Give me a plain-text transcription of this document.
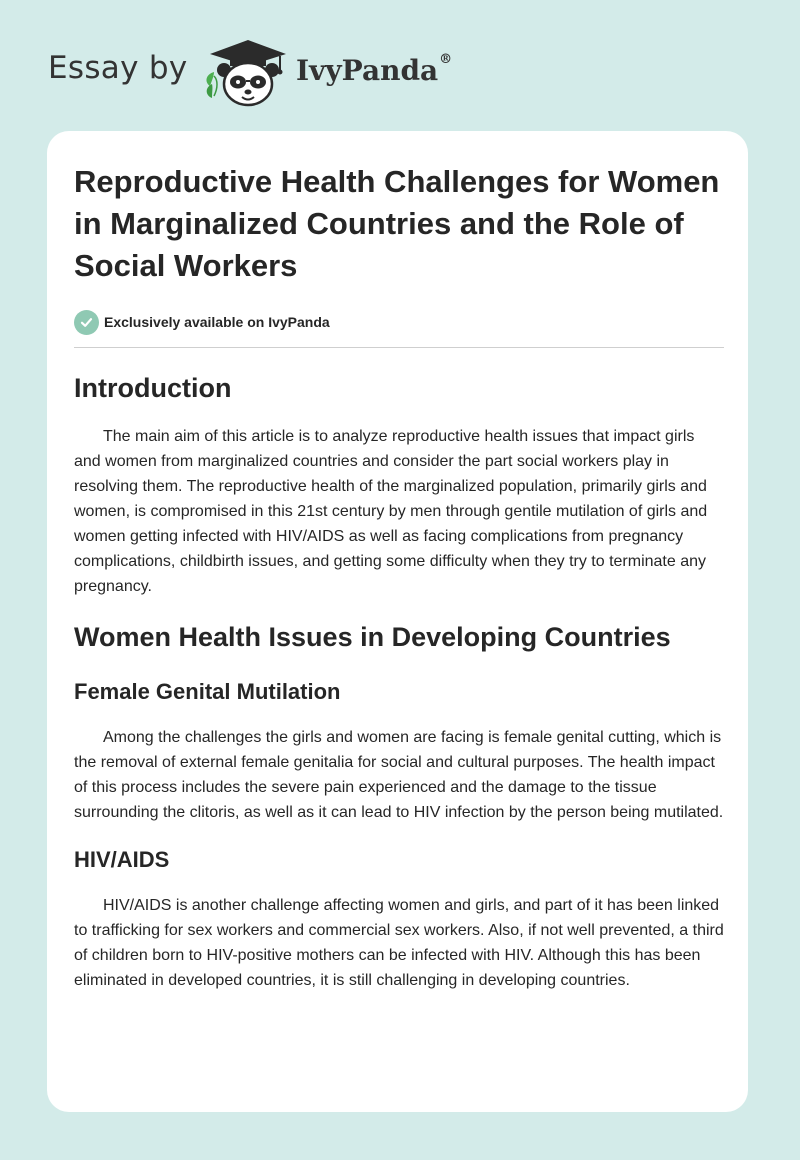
Essay by	IvyPanda®
Reproductive Health Challenges for Women in Marginalized Countries and the Role of Social Workers
Exclusively available on IvyPanda
Introduction

The main aim of this article is to analyze reproductive health issues that impact girls and women from marginalized countries and consider the part social workers play in resolving them. The reproductive health of the marginalized population, primarily girls and women, is compromised in this 21st century by men through gentile mutilation of girls and women getting infected with HIV/AIDS as well as facing complications from pregnancy complications, childbirth issues, and getting some difficulty when they try to terminate any pregnancy.

Women Health Issues in Developing Countries
Female Genital Mutilation

Among the challenges the girls and women are facing is female genital cutting, which is the removal of external female genitalia for social and cultural purposes. The health impact of this process includes the severe pain experienced and the damage to the tissue surrounding the clitoris, as well as it can lead to HIV infection by the person being mutilated.

HIV/AIDS

HIV/AIDS is another challenge affecting women and girls, and part of it has been linked to trafficking for sex workers and commercial sex workers. Also, if not well prevented, a third of children born to HIV-positive mothers can be infected with HIV. Although this has been eliminated in developed countries, it is still challenging in developing countries.
